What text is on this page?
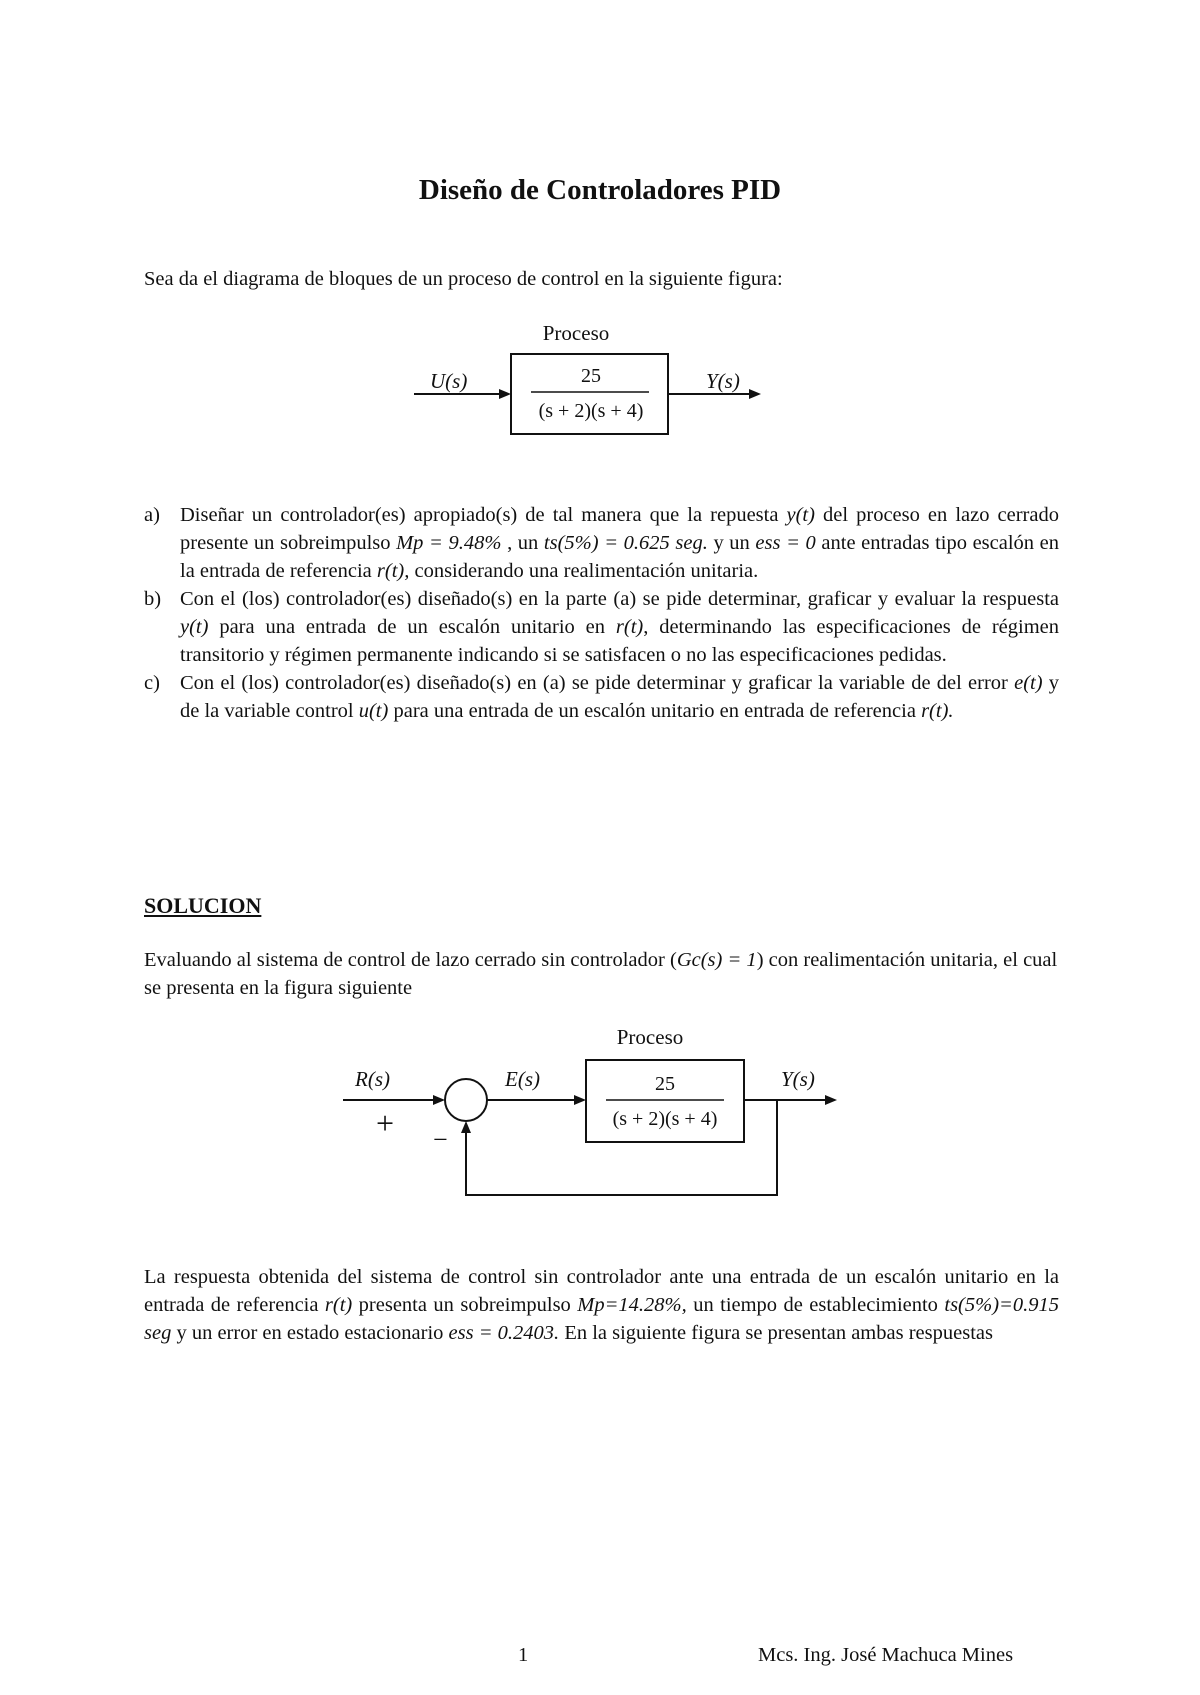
Diseño de Controladores PID
Sea da el diagrama de bloques de un proceso de control en la siguiente figura:
Proceso
U(s)	Y(s)
25
(s + 2)(s + 4)

a) Diseñar un controlador(es) apropiado(s) de tal manera que la repuesta y(t) del proceso en lazo cerrado presente un sobreimpulso Mp = 9.48% , un ts(5%) = 0.625 seg. y un ess = 0 ante entradas tipo escalón en la entrada de referencia r(t), considerando una realimentación unitaria.

b) Con el (los) controlador(es) diseñado(s) en la parte (a) se pide determinar, graficar y evaluar la respuesta y(t) para una entrada de un escalón unitario en r(t), determinando las especificaciones de régimen transitorio y régimen permanente indicando si se satisfacen o no las especificaciones pedidas.

c) Con el (los) controlador(es) diseñado(s) en (a) se pide determinar y graficar la variable de del error e(t) y de la variable control u(t) para una entrada de un escalón unitario en entrada de referencia r(t).

SOLUCION
Evaluando al sistema de control de lazo cerrado sin controlador (Gc(s) = 1) con realimentación unitaria, el cual se presenta en la figura siguiente
Proceso
R(s)
+ −
E(s)	Y(s)
25
(s + 2)(s + 4)
La respuesta obtenida del sistema de control sin controlador ante una entrada de un escalón unitario en la entrada de referencia r(t) presenta un sobreimpulso Mp=14.28%, un tiempo de establecimiento ts(5%)=0.915 seg y un error en estado estacionario ess = 0.2403. En la siguiente figura se presentan ambas respuestas
1	Mcs. Ing. José Machuca Mines
